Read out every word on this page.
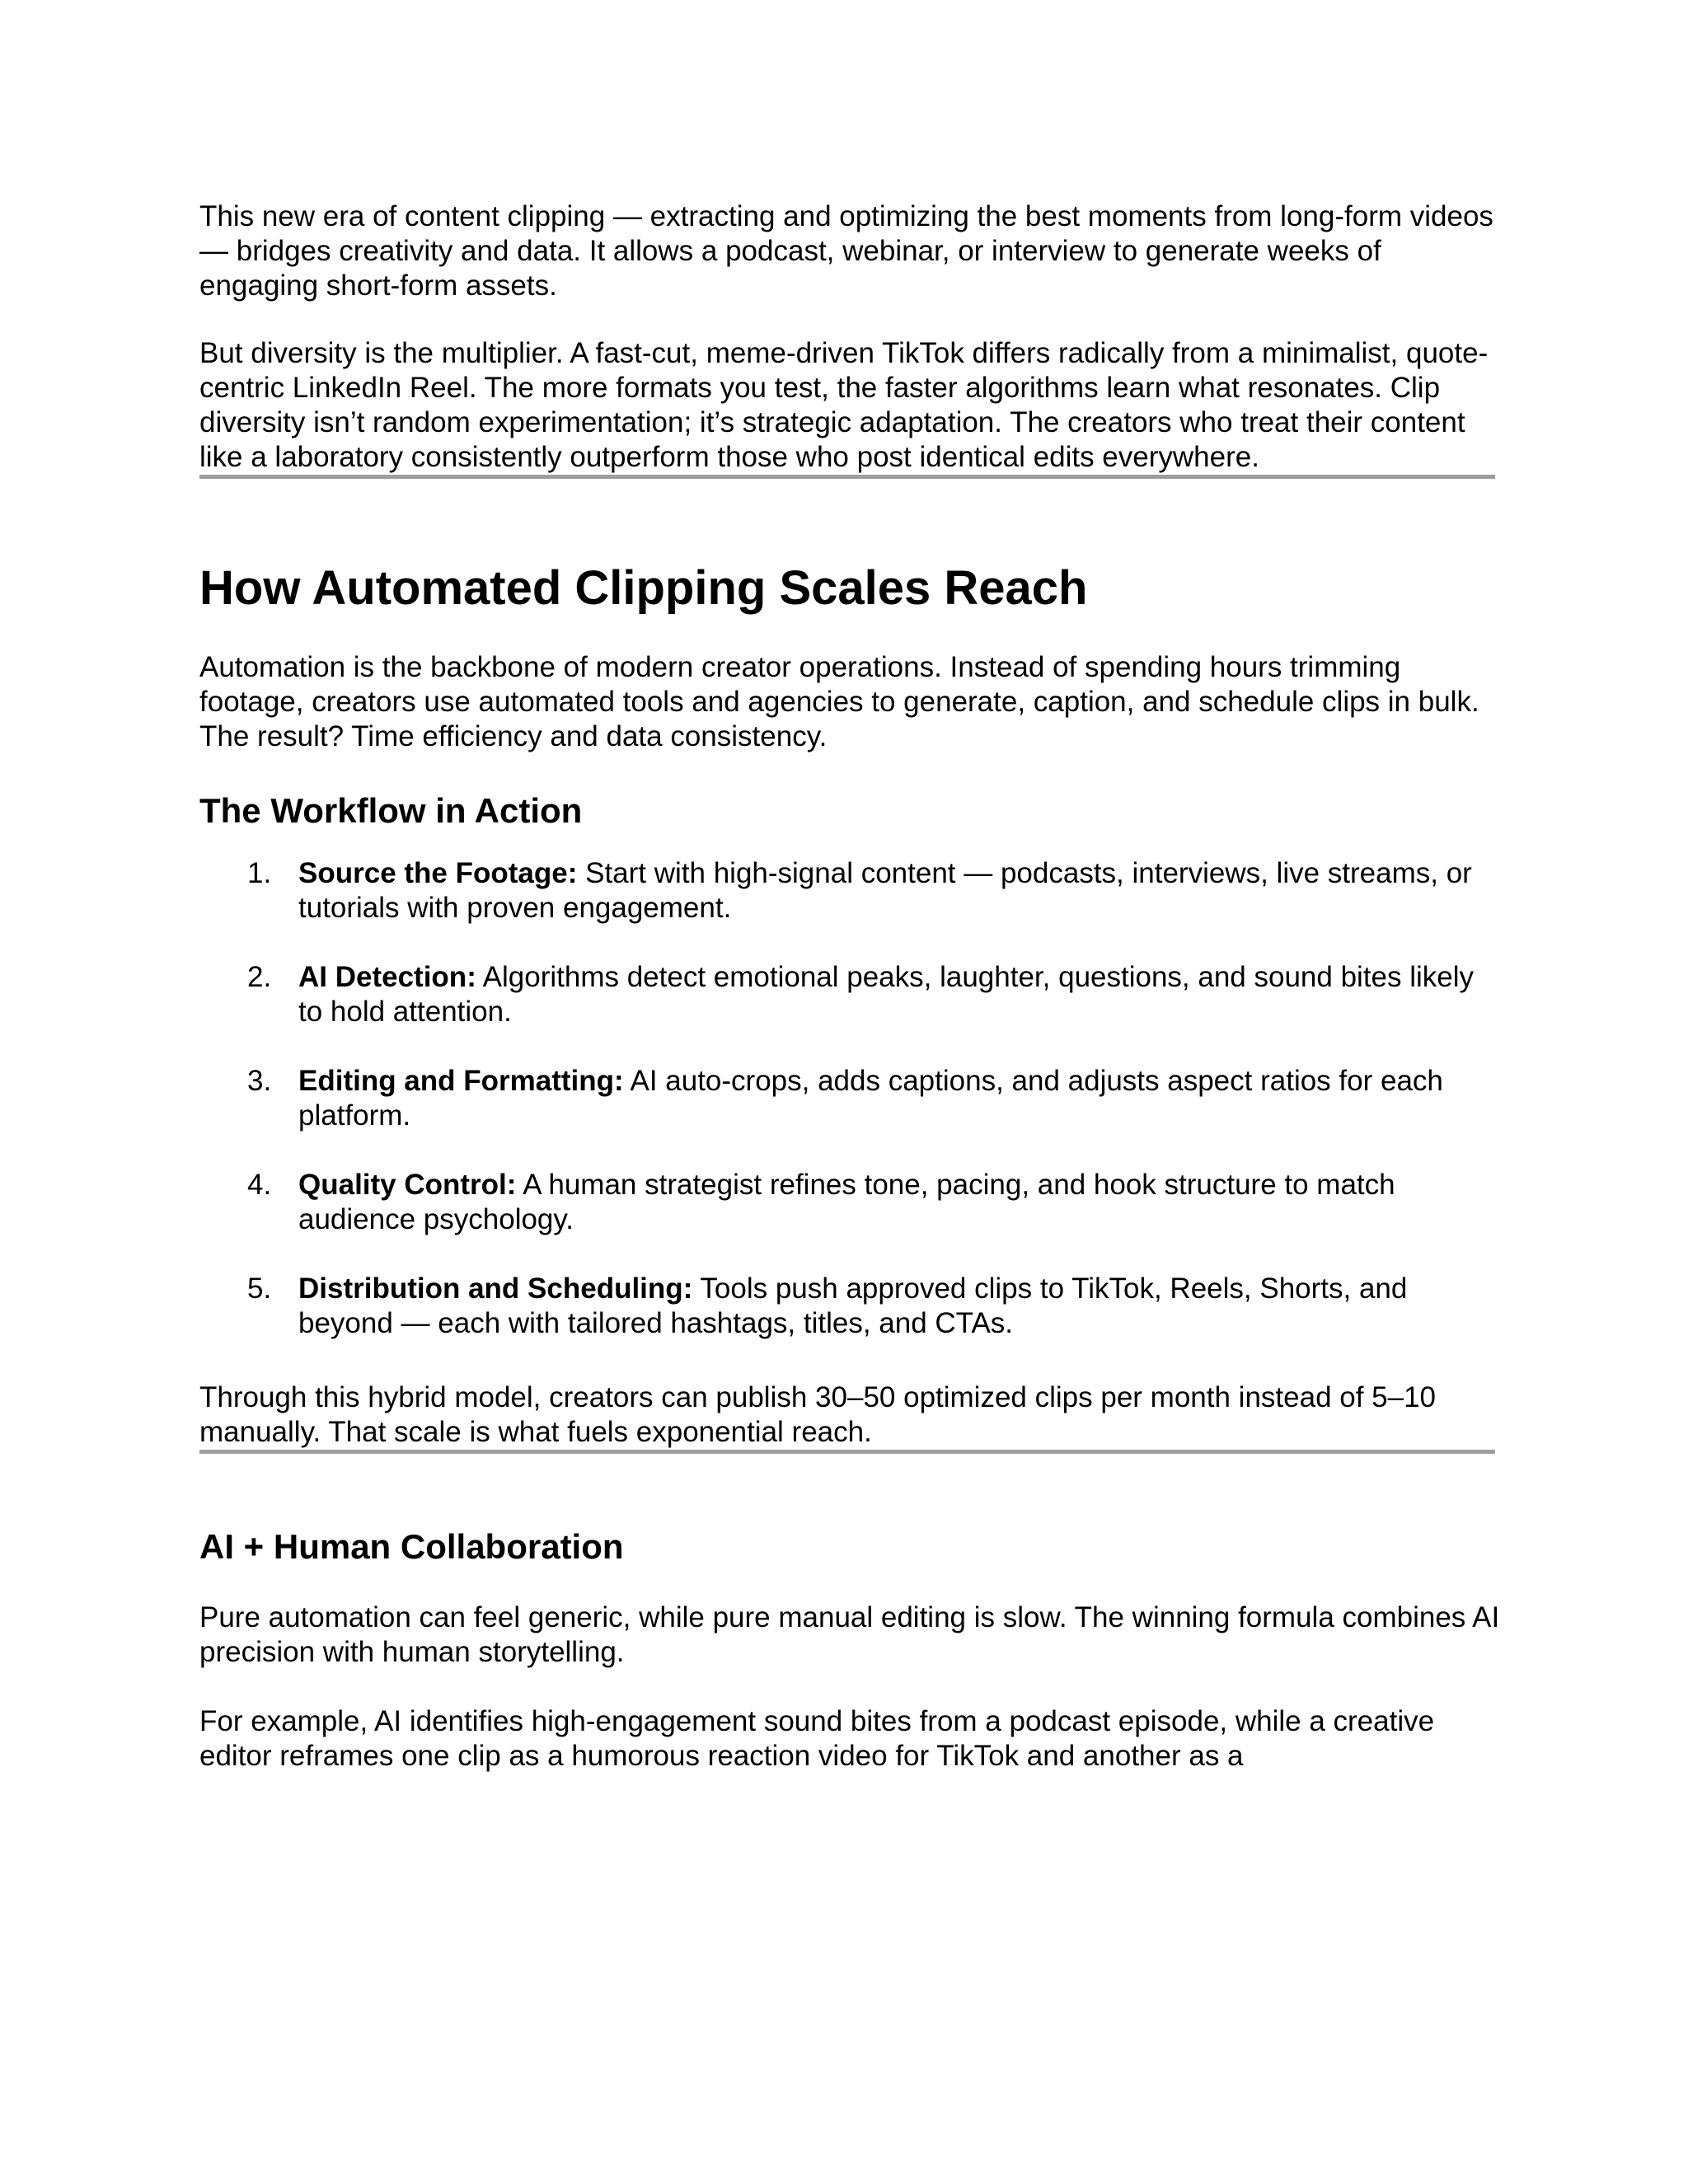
This new era of content clipping — extracting and optimizing the best moments from long-form videos — bridges creativity and data. It allows a podcast, webinar, or interview to generate weeks of engaging short-form assets.

But diversity is the multiplier. A fast-cut, meme-driven TikTok differs radically from a minimalist, quote-centric LinkedIn Reel. The more formats you test, the faster algorithms learn what resonates. Clip diversity isn’t random experimentation; it’s strategic adaptation. The creators who treat their content like a laboratory consistently outperform those who post identical edits everywhere.

How Automated Clipping Scales Reach

Automation is the backbone of modern creator operations. Instead of spending hours trimming footage, creators use automated tools and agencies to generate, caption, and schedule clips in bulk. The result? Time efficiency and data consistency.

The Workflow in Action
1. Source the Footage: Start with high-signal content — podcasts, interviews, live streams, or tutorials with proven engagement.
2. AI Detection: Algorithms detect emotional peaks, laughter, questions, and sound bites likely to hold attention.
3. Editing and Formatting: AI auto-crops, adds captions, and adjusts aspect ratios for each platform.
4. Quality Control: A human strategist refines tone, pacing, and hook structure to match audience psychology.
5. Distribution and Scheduling: Tools push approved clips to TikTok, Reels, Shorts, and beyond — each with tailored hashtags, titles, and CTAs.

Through this hybrid model, creators can publish 30–50 optimized clips per month instead of 5–10 manually. That scale is what fuels exponential reach.

AI + Human Collaboration

Pure automation can feel generic, while pure manual editing is slow. The winning formula combines AI precision with human storytelling.

For example, AI identifies high-engagement sound bites from a podcast episode, while a creative editor reframes one clip as a humorous reaction video for TikTok and another as a
